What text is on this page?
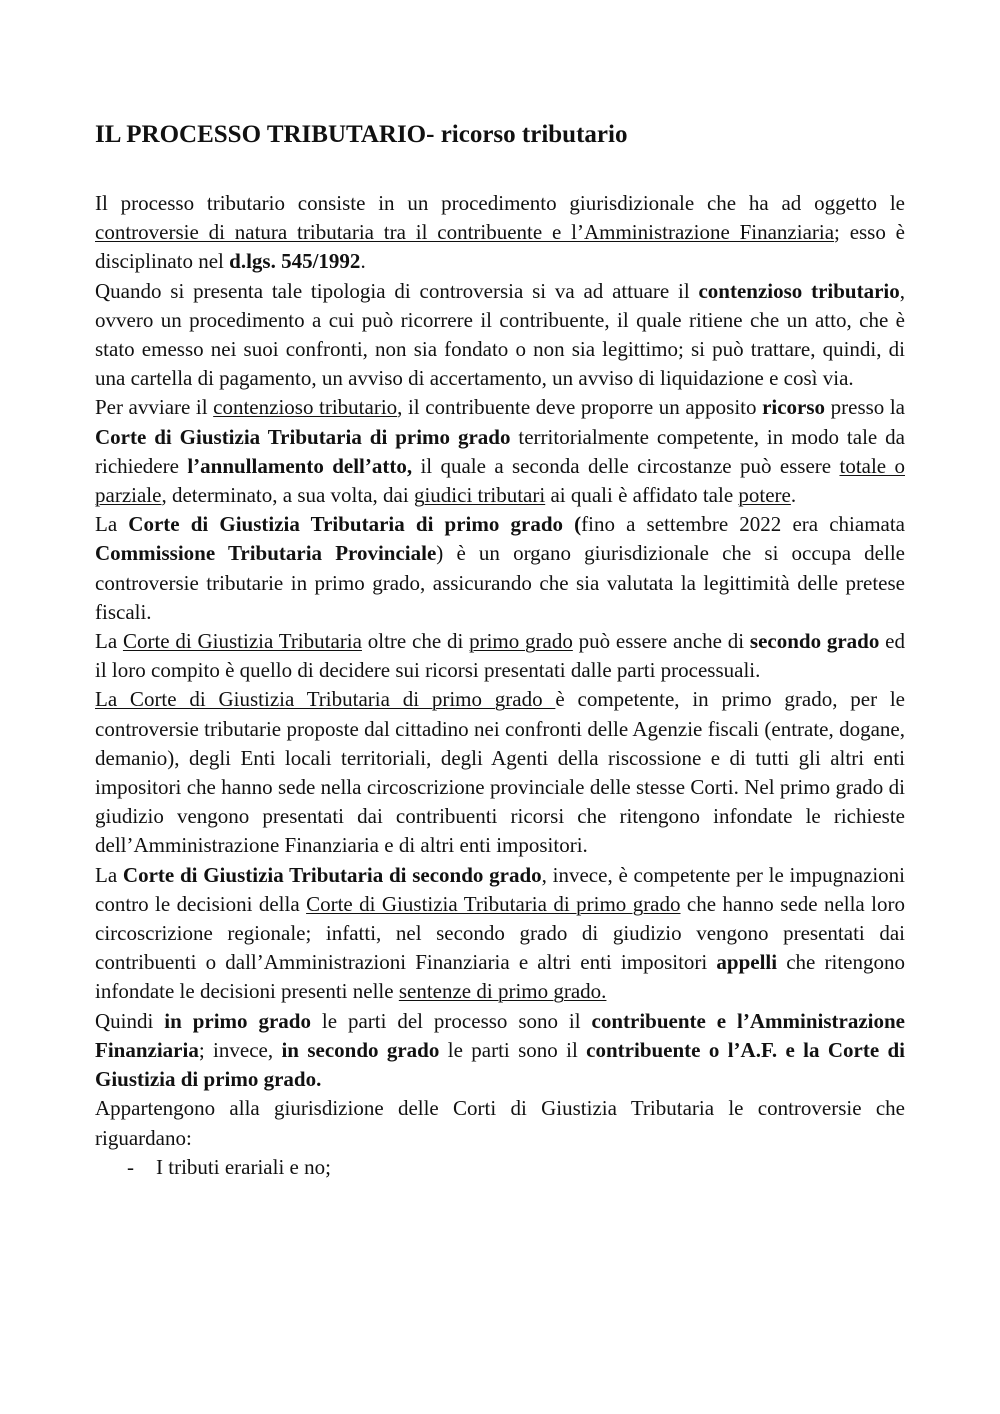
IL PROCESSO TRIBUTARIO- ricorso tributario

Il processo tributario consiste in un procedimento giurisdizionale che ha ad oggetto le controversie di natura tributaria tra il contribuente e l’Amministrazione Finanziaria; esso è disciplinato nel d.lgs. 545/1992.

Quando si presenta tale tipologia di controversia si va ad attuare il contenzioso tributario, ovvero un procedimento a cui può ricorrere il contribuente, il quale ritiene che un atto, che è stato emesso nei suoi confronti, non sia fondato o non sia legittimo; si può trattare, quindi, di una cartella di pagamento, un avviso di accertamento, un avviso di liquidazione e così via.

Per avviare il contenzioso tributario, il contribuente deve proporre un apposito ricorso presso la Corte di Giustizia Tributaria di primo grado territorialmente competente, in modo tale da richiedere l’annullamento dell’atto, il quale a seconda delle circostanze può essere totale o parziale, determinato, a sua volta, dai giudici tributari ai quali è affidato tale potere.

La Corte di Giustizia Tributaria di primo grado (fino a settembre 2022 era chiamata Commissione Tributaria Provinciale) è un organo giurisdizionale che si occupa delle controversie tributarie in primo grado, assicurando che sia valutata la legittimità delle pretese fiscali.

La Corte di Giustizia Tributaria oltre che di primo grado può essere anche di secondo grado ed il loro compito è quello di decidere sui ricorsi presentati dalle parti processuali.

La Corte di Giustizia Tributaria di primo grado è competente, in primo grado, per le controversie tributarie proposte dal cittadino nei confronti delle Agenzie fiscali (entrate, dogane, demanio), degli Enti locali territoriali, degli Agenti della riscossione e di tutti gli altri enti impositori che hanno sede nella circoscrizione provinciale delle stesse Corti. Nel primo grado di giudizio vengono presentati dai contribuenti ricorsi che ritengono infondate le richieste dell’Amministrazione Finanziaria e di altri enti impositori.

La Corte di Giustizia Tributaria di secondo grado, invece, è competente per le impugnazioni contro le decisioni della Corte di Giustizia Tributaria di primo grado che hanno sede nella loro circoscrizione regionale; infatti, nel secondo grado di giudizio vengono presentati dai contribuenti o dall’Amministrazioni Finanziaria e altri enti impositori appelli che ritengono infondate le decisioni presenti nelle sentenze di primo grado.

Quindi in primo grado le parti del processo sono il contribuente e l’Amministrazione Finanziaria; invece, in secondo grado le parti sono il contribuente o l’A.F. e la Corte di Giustizia di primo grado.

Appartengono alla giurisdizione delle Corti di Giustizia Tributaria le controversie che riguardano:

- I tributi erariali e no;
